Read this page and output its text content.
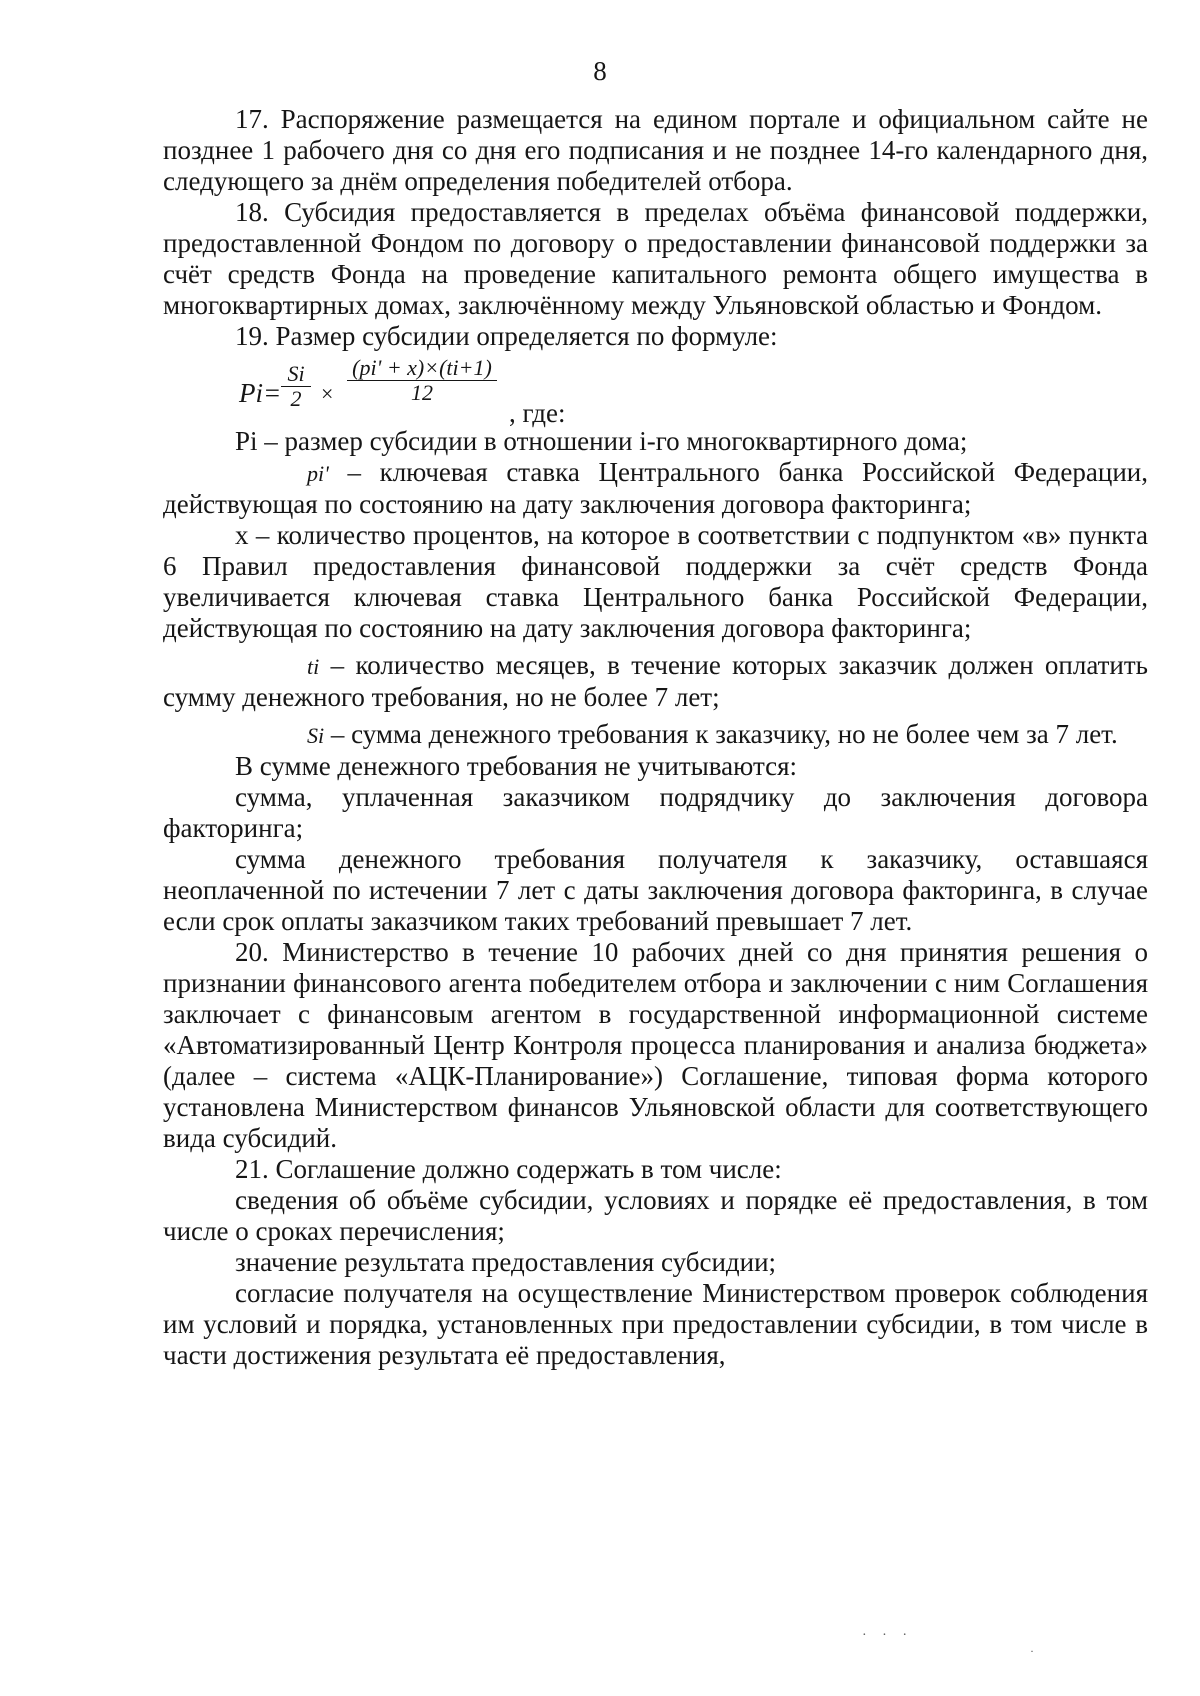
8

17. Распоряжение размещается на едином портале и официальном сайте не позднее 1 рабочего дня со дня его подписания и не позднее 14-го календарного дня, следующего за днём определения победителей отбора.

18. Субсидия предоставляется в пределах объёма финансовой поддержки, предоставленной Фондом по договору о предоставлении финансовой поддержки за счёт средств Фонда на проведение капитального ремонта общего имущества в многоквартирных домах, заключённому между Ульяновской областью и Фондом.

19. Размер субсидии определяется по формуле:

$Pi= \frac{Si}{2} \times \frac{(pi' + x)\times(ti+1)}{12}$
, где:

Pi – размер субсидии в отношении i-го многоквартирного дома;

pi' – ключевая ставка Центрального банка Российской Федерации, действующая по состоянию на дату заключения договора факторинга;

x – количество процентов, на которое в соответствии с подпунктом «в» пункта 6 Правил предоставления финансовой поддержки за счёт средств Фонда увеличивается ключевая ставка Центрального банка Российской Федерации, действующая по состоянию на дату заключения договора факторинга;

ti – количество месяцев, в течение которых заказчик должен оплатить сумму денежного требования, но не более 7 лет;

Si – сумма денежного требования к заказчику, но не более чем за 7 лет.

В сумме денежного требования не учитываются:

сумма, уплаченная заказчиком подрядчику до заключения договора факторинга;

сумма денежного требования получателя к заказчику, оставшаяся неоплаченной по истечении 7 лет с даты заключения договора факторинга, в случае если срок оплаты заказчиком таких требований превышает 7 лет.

20. Министерство в течение 10 рабочих дней со дня принятия решения о признании финансового агента победителем отбора и заключении с ним Соглашения заключает с финансовым агентом в государственной информационной системе «Автоматизированный Центр Контроля процесса планирования и анализа бюджета» (далее – система «АЦК-Планирование») Соглашение, типовая форма которого установлена Министерством финансов Ульяновской области для соответствующего вида субсидий.

21. Соглашение должно содержать в том числе:

сведения об объёме субсидии, условиях и порядке её предоставления, в том числе о сроках перечисления;

значение результата предоставления субсидии;

согласие получателя на осуществление Министерством проверок соблюдения им условий и порядка, установленных при предоставлении субсидии, в том числе в части достижения результата её предоставления,

· · ·
·
